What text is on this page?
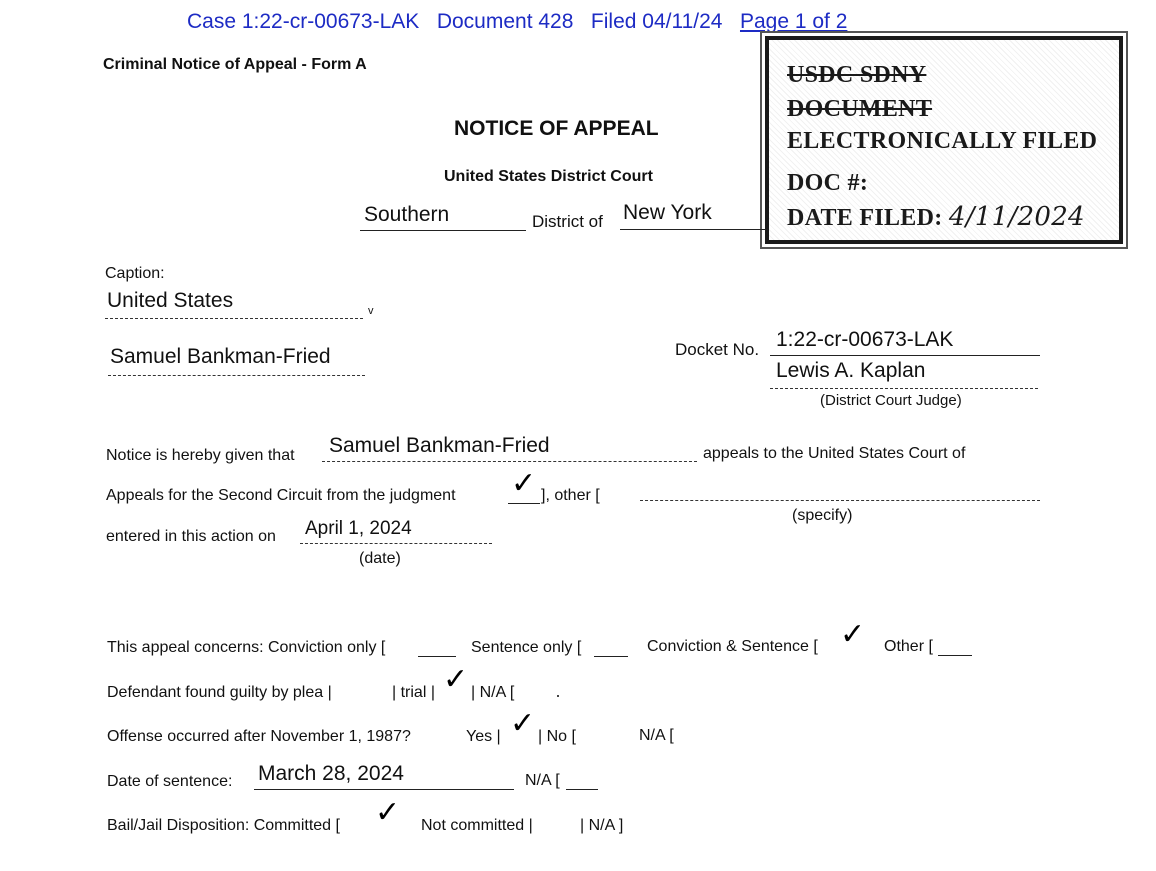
Case 1:22-cr-00673-LAK Document 428 Filed 04/11/24 Page 1 of 2
Criminal Notice of Appeal - Form A	USDC SDNY
DOCUMENT
ELECTRONICALLY FILED
DOC #:
DATE FILED: 4/11/2024
NOTICE OF APPEAL
United States District Court
Southern	District of New York
Caption:
United States	v
Samuel Bankman-Fried	Docket No. 1:22-cr-00673-LAK
Lewis A. Kaplan
(District Court Judge)
Notice is hereby given that Samuel Bankman-Fried	appeals to the United States Court of
Appeals for the Second Circuit from the judgment ✓ ], other [
(specify)
entered in this action on April 1, 2024
(date)
This appeal concerns: Conviction only [	Sentence only [	Conviction & Sentence [ ✓ Other [
Defendant found guilty by plea |	| trial | ✓ | N/A [
Offense occurred after November 1, 1987?	Yes | ✓ | No [	N/A [
Date of sentence: March 28, 2024	N/A [
Bail/Jail Disposition: Committed [ ✓ Not committed |	| N/A ]
